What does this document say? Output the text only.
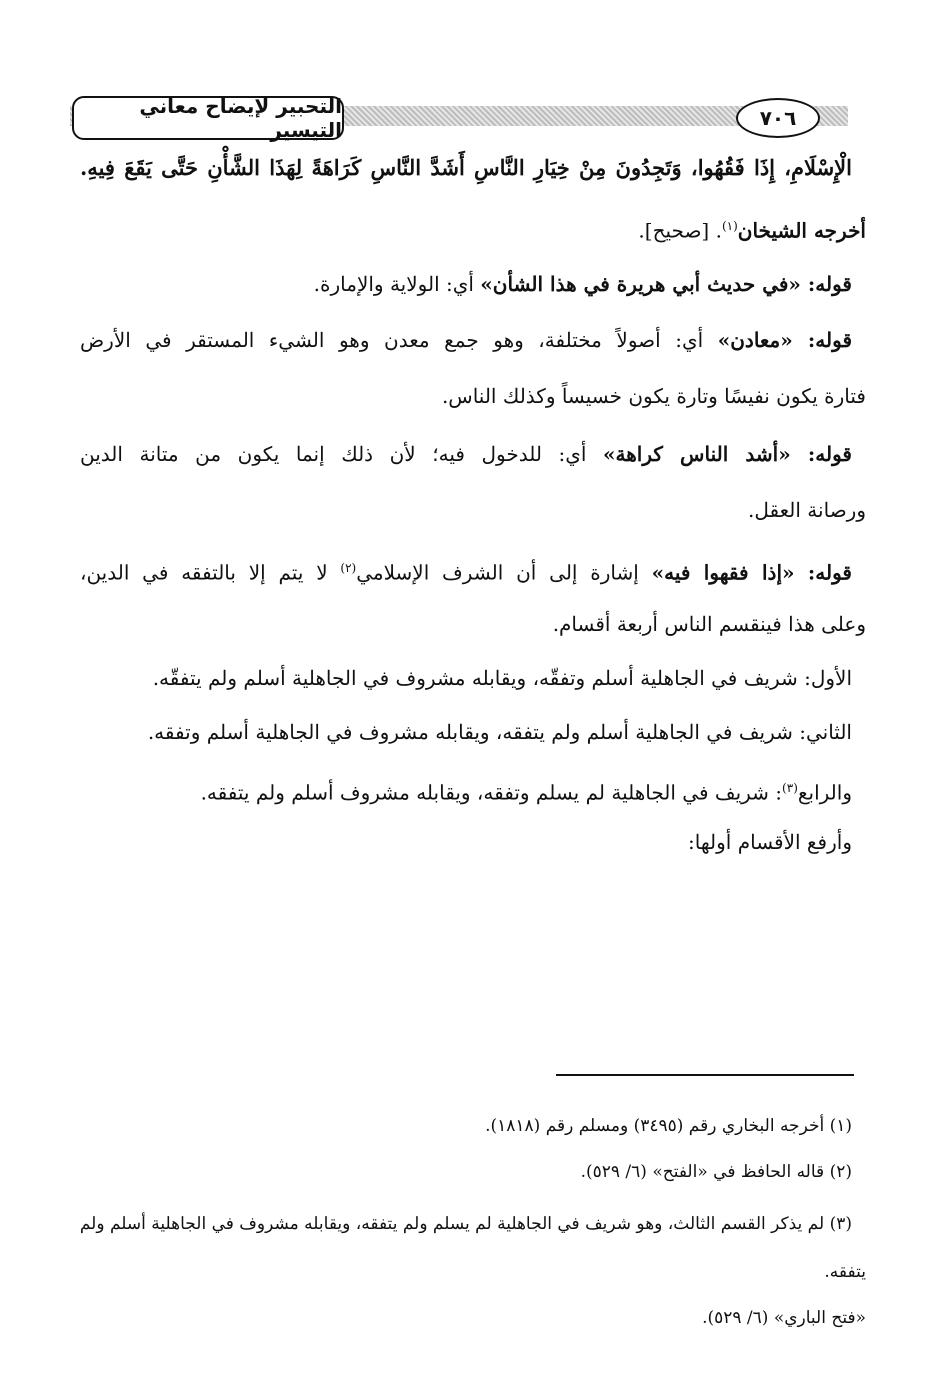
التحبير لإيضاح معاني التيسير	٧٠٦
الْإِسْلَامِ، إِذَا فَقُهُوا، وَتَجِدُونَ مِنْ خِيَارِ النَّاسِ أَشَدَّ النَّاسِ كَرَاهَةً لِهَذَا الشَّأْنِ حَتَّى يَقَعَ فِيهِ.
أخرجه الشيخان$^{(١)}$. [صحيح].
قوله: «في حديث أبي هريرة في هذا الشأن» أي: الولاية والإمارة.
قوله: «معادن» أي: أصولاً مختلفة، وهو جمع معدن وهو الشيء المستقر في الأرض
فتارة يكون نفيسًا وتارة يكون خسيساً وكذلك الناس.
قوله: «أشد الناس كراهة» أي: للدخول فيه؛ لأن ذلك إنما يكون من متانة الدين
ورصانة العقل.
قوله: «إذا فقهوا فيه» إشارة إلى أن الشرف الإسلامي$^{(٢)}$ لا يتم إلا بالتفقه في الدين،
وعلى هذا فينقسم الناس أربعة أقسام.
الأول: شريف في الجاهلية أسلم وتفقّه، ويقابله مشروف في الجاهلية أسلم ولم يتفقّه.
الثاني: شريف في الجاهلية أسلم ولم يتفقه، ويقابله مشروف في الجاهلية أسلم وتفقه.
والرابع$^{(٣)}$: شريف في الجاهلية لم يسلم وتفقه، ويقابله مشروف أسلم ولم يتفقه.
وأرفع الأقسام أولها:
(١) أخرجه البخاري رقم (٣٤٩٥) ومسلم رقم (١٨١٨).
(٢) قاله الحافظ في «الفتح» (٦/ ٥٢٩).
(٣) لم يذكر القسم الثالث، وهو شريف في الجاهلية لم يسلم ولم يتفقه، ويقابله مشروف في الجاهلية أسلم ولم
يتفقه.
«فتح الباري» (٦/ ٥٢٩).
